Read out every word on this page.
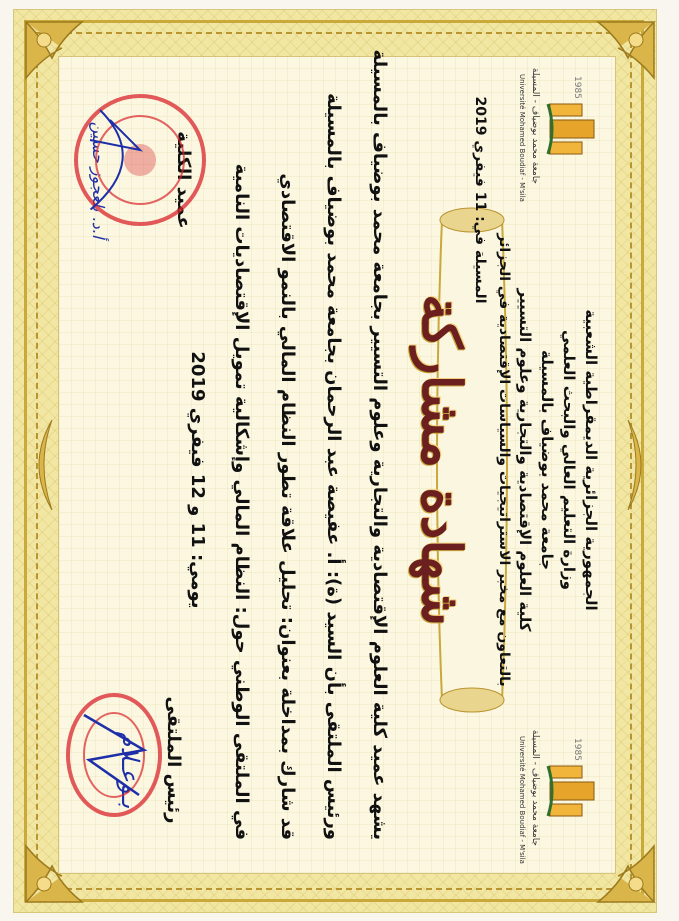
الجمهورية الجزائرية الديمقراطية الشعبية
وزارة التعليم العالي والبحث العلمي
جامعة محمد بوضياف بالمسيلة
كلية العلوم الإقتصادية والتجارية وعلوم التسيير
بالتعاون مع مخبر الاستراتيجيات والسياسات الإقتصادية في الجزائر
المسيلة في: 11 فيفري 2019
1985
جامعة محمد بوضياف - المسيلة
Université Mohamed Boudiaf - M'sila
1985
جامعة محمد بوضياف - المسيلة
Université Mohamed Boudiaf - M'sila
شهادة مشاركة
يشهد عميد كلية العلوم الإقتصادية والتجارية وعلوم التسيير بجامعة محمد بوضياف بالمسيلة
ورئيس الملتقى بأن السيد (ة): أ. عفيصة عبد الرحمان بجامعة محمد بوضياف بالمسيلة
قد شارك بمداخلة بعنوان: تحليل علاقة تطور النظام المالي بالنمو الاقتصادي
في الملتقى الوطني حول: النظام المالي وإشكالية تمويل الإقتصاديات النامية
يومي: 11 و 12 فيفري 2019
عميد الكلية
أ.د. بلعجوز حسين
رئيس الملتقى
بـوعـلام
